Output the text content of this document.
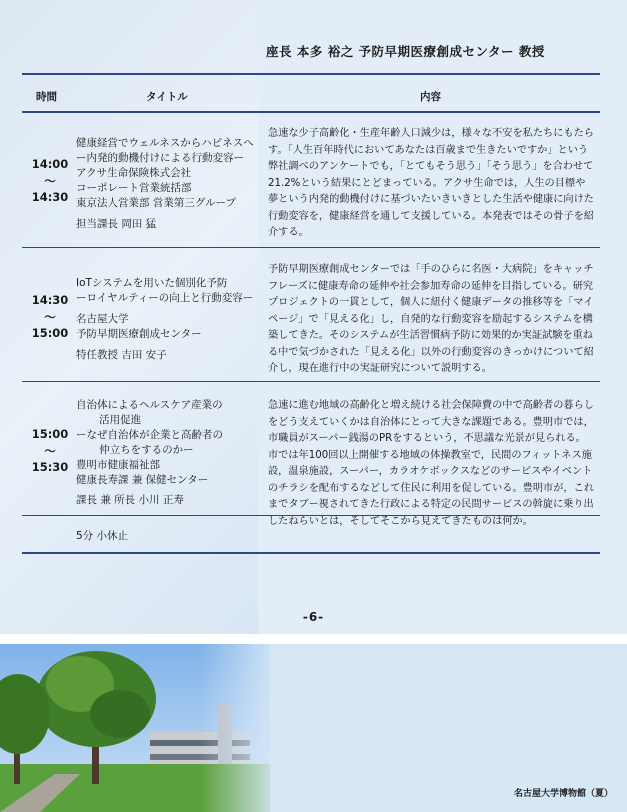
座長 本多 裕之 予防早期医療創成センター 教授
時間	タイトル	内容
14:00
～
14:30
健康経営でウェルネスからハピネスへ
ー内発的動機付けによる行動変容ー
アクサ生命保険株式会社
コーポレート営業統括部
東京法人営業部 営業第三グループ
担当課長 岡田 猛
急速な少子高齢化・生産年齢人口減少は，様々な不安を私たちにもたらす。「人生百年時代においてあなたは百歳まで生きたいですか」という弊社調べのアンケートでも，「とてもそう思う」「そう思う」を合わせて21.2%という結果にとどまっている。アクサ生命では，人生の目標や夢という内発的動機付けに基づいたいきいきとした生活や健康に向けた行動変容を，健康経営を通して支援している。本発表ではその骨子を紹介する。
14:30
～
15:00
IoTシステムを用いた個別化予防
ーロイヤルティーの向上と行動変容ー
名古屋大学
予防早期医療創成センター
特任教授 吉田 安子
予防早期医療創成センターでは「手のひらに名医・大病院」をキャッチフレーズに健康寿命の延伸や社会参加寿命の延伸を目指している。研究プロジェクトの一貫として，個人に紐付く健康データの推移等を「マイページ」で「見える化」し，自発的な行動変容を励起するシステムを構築してきた。そのシステムが生活習慣病予防に効果的か実証試験を重ねる中で気づかされた「見える化」以外の行動変容のきっかけについて紹介し，現在進行中の実証研究について説明する。
15:00
～
15:30
自治体によるヘルスケア産業の
活用促進
ーなぜ自治体が企業と高齢者の
仲立ちをするのかー
豊明市健康福祉部
健康長寿課 兼 保健センター
課長 兼 所長 小川 正寿
急速に進む地域の高齢化と増え続ける社会保障費の中で高齢者の暮らしをどう支えていくかは自治体にとって大きな課題である。豊明市では，市職員がスーパー銭湯のPRをするという，不思議な光景が見られる。市では年100回以上開催する地域の体操教室で，民間のフィットネス施設，温泉施設，スーパー，カラオケボックスなどのサービスやイベントのチラシを配布するなどして住民に利用を促している。豊明市が，これまでタブー視されてきた行政による特定の民間サービスの斡旋に乗り出したねらいとは，そしてそこから見えてきたものは何か。
5分 小休止
-6-
名古屋大学博物館（夏）
